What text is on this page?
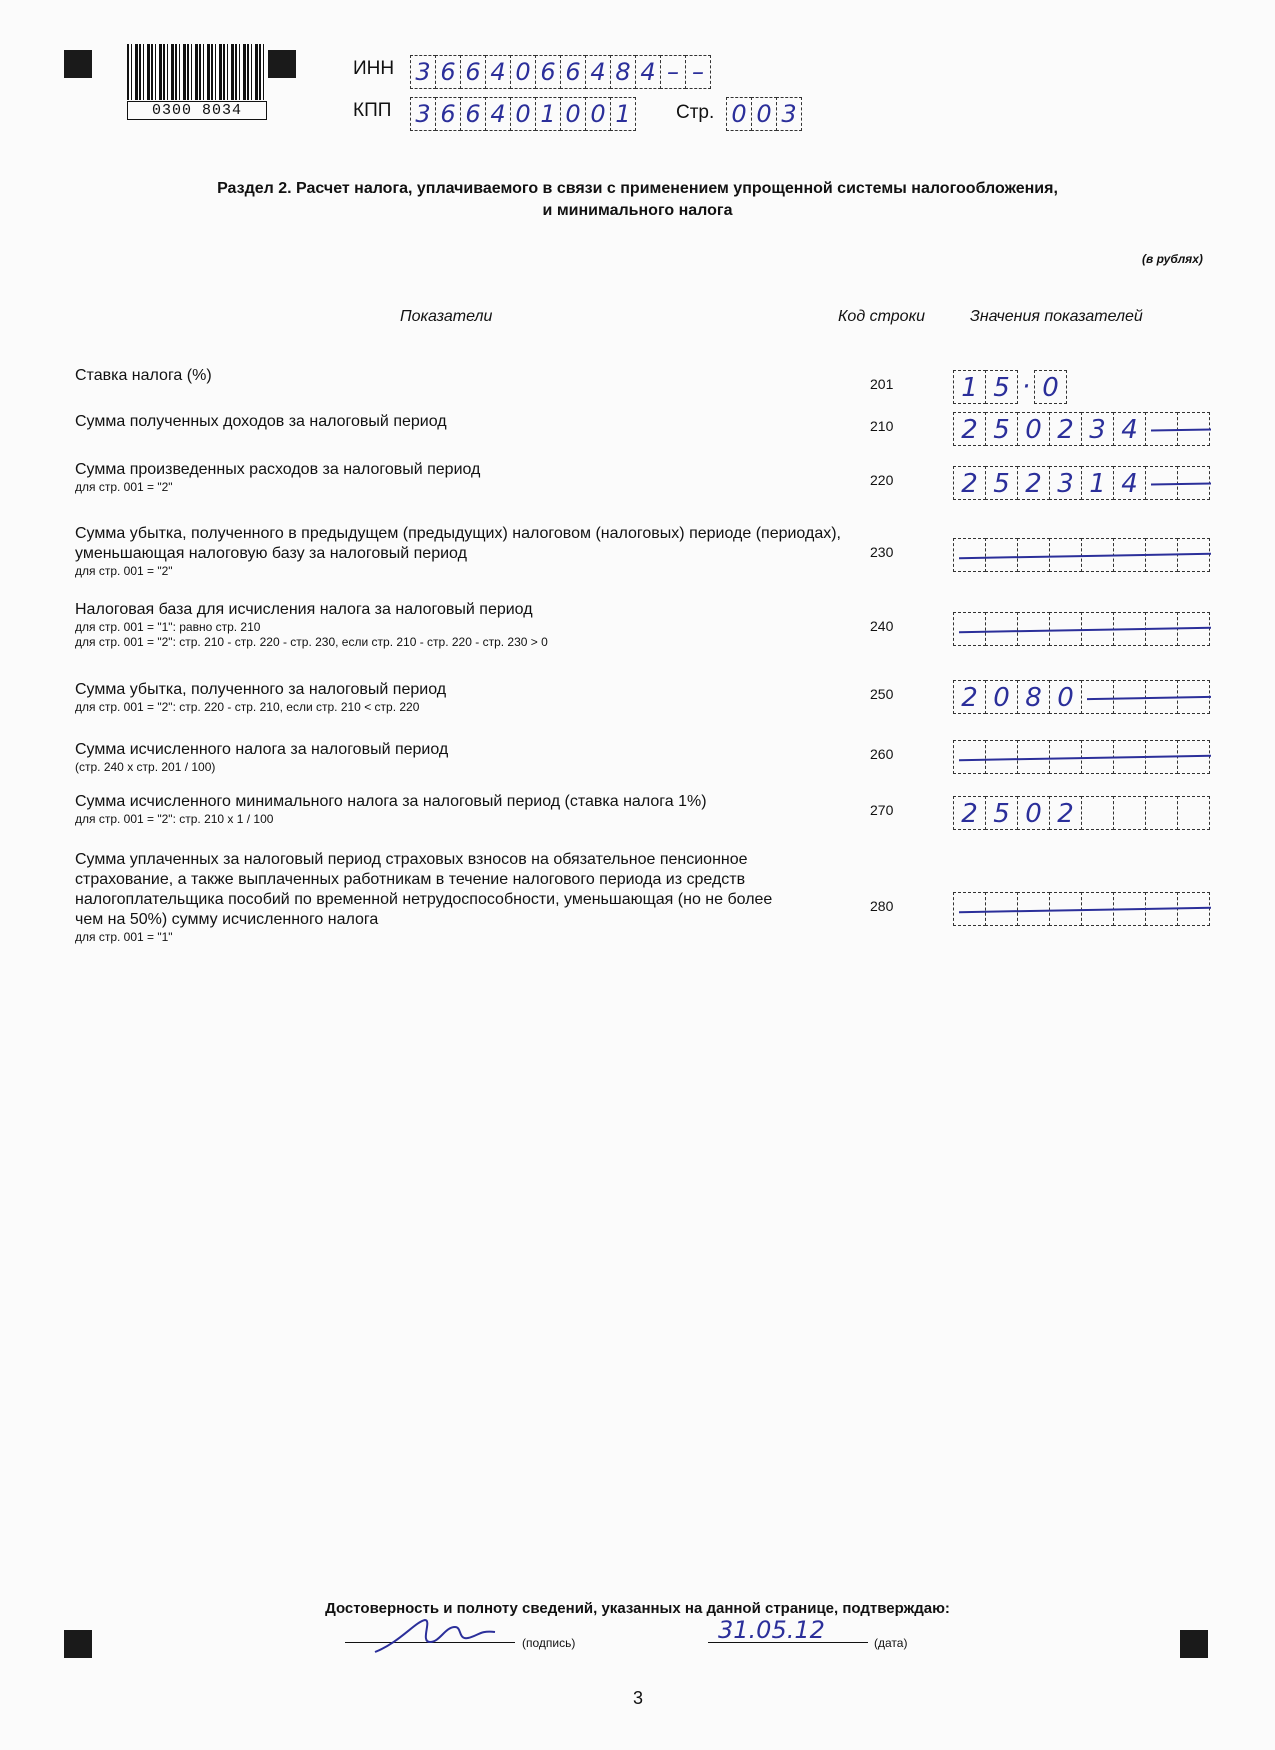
0300 8034
ИНН 3 6 6 4 0 6 6 4 8 4 – –
КПП 3 6 6 4 0 1 0 0 1 Стр. 0 0 3
Раздел 2. Расчет налога, уплачиваемого в связи с применением упрощенной системы налогообложения,
и минимального налога
(в рублях)
Показатели	Код строки	Значения показателей
Ставка налога (%)	201	1 5 · 0
Сумма полученных доходов за налоговый период	210	2 5 0 2 3 4
Сумма произведенных расходов за налоговый период
для стр. 001 = "2"	220	2 5 2 3 1 4
Сумма убытка, полученного в предыдущем (предыдущих) налоговом (налоговых) периоде (периодах), уменьшающая налоговую базу за налоговый период
для стр. 001 = "2"
230
Налоговая база для исчисления налога за налоговый период
для стр. 001 = "1": равно стр. 210
для стр. 001 = "2": стр. 210 - стр. 220 - стр. 230, если стр. 210 - стр. 220 - стр. 230 > 0
240
Сумма убытка, полученного за налоговый период
для стр. 001 = "2": стр. 220 - стр. 210, если стр. 210 < стр. 220
250	2 0 8 0
Сумма исчисленного налога за налоговый период
(стр. 240 х стр. 201 / 100)
260
Сумма исчисленного минимального налога за налоговый период (ставка налога 1%)
для стр. 001 = "2": стр. 210 х 1 / 100
270	2 5 0 2
Сумма уплаченных за налоговый период страховых взносов на обязательное пенсионное страхование, а также выплаченных работникам в течение налогового периода из средств налогоплательщика пособий по временной нетрудоспособности, уменьшающая (но не более чем на 50%) сумму исчисленного налога
для стр. 001 = "1"
280
Достоверность и полноту сведений, указанных на данной странице, подтверждаю:
(подпись)	31.05.12	(дата)
3
